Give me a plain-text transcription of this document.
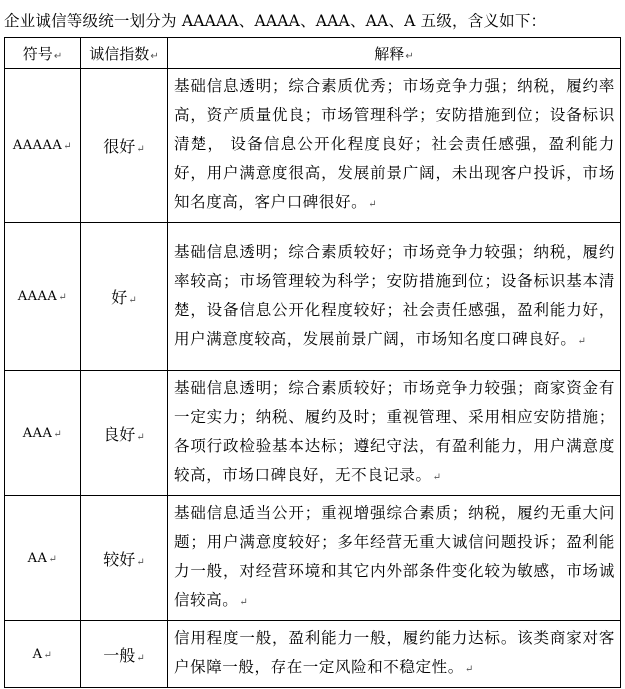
企业诚信等级统一划分为 AAAAA、AAAA、AAA、AA、A 五级，含义如下：
符号↵	诚信指数↵	解释↵
AAAAA↵	很好↵	基础信息透明；综合素质优秀；市场竞争力强；纳税，履约率高，资产质量优良；市场管理科学；安防措施到位；设备标识清楚， 设备信息公开化程度良好；社会责任感强，盈利能力好，用户满意度很高，发展前景广阔，未出现客户投诉，市场知名度高，客户口碑很好。↵
AAAA↵	好↵	基础信息透明；综合素质较好；市场竞争力较强；纳税，履约率较高；市场管理较为科学；安防措施到位；设备标识基本清楚，设备信息公开化程度较好；社会责任感强，盈利能力好，用户满意度较高，发展前景广阔，市场知名度口碑良好。↵
AAA↵	良好↵	基础信息透明；综合素质较好；市场竞争力较强；商家资金有一定实力；纳税、履约及时；重视管理、采用相应安防措施；各项行政检验基本达标；遵纪守法，有盈利能力，用户满意度较高，市场口碑良好，无不良记录。↵
AA↵	较好↵	基础信息适当公开；重视增强综合素质；纳税，履约无重大问题；用户满意度较好；多年经营无重大诚信问题投诉；盈利能力一般，对经营环境和其它内外部条件变化较为敏感，市场诚信较高。↵
A↵	一般↵	信用程度一般，盈利能力一般，履约能力达标。该类商家对客户保障一般，存在一定风险和不稳定性。↵
